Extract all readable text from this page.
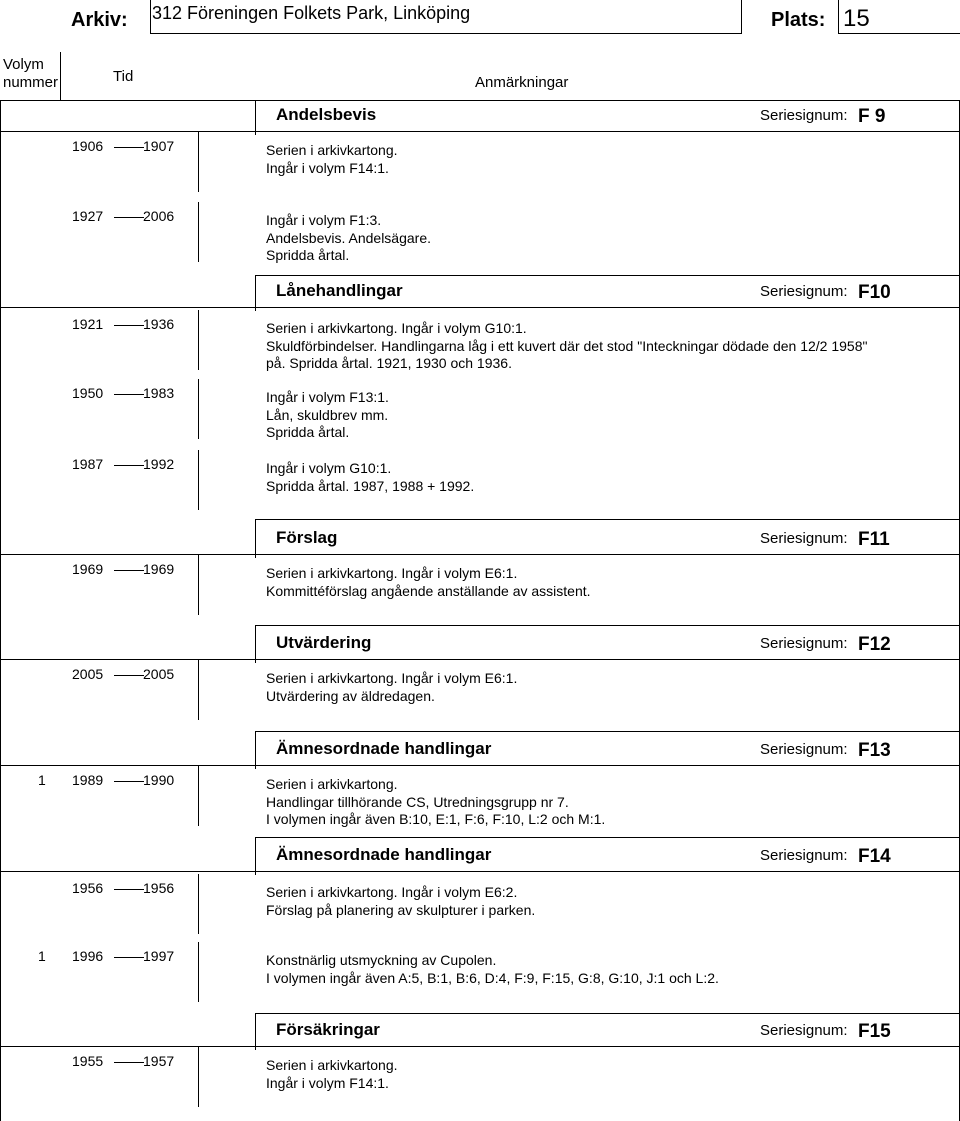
Arkiv: 312 Föreningen Folkets Park, Linköping	Plats: 15
Volym
nummer	Tid	Anmärkningar
Andelsbevis	Seriesignum: F 9
1906	1907	Serien i arkivkartong.
Ingår i volym F14:1.
1927	2006	Ingår i volym F1:3.
Andelsbevis. Andelsägare.
Spridda årtal.
Lånehandlingar	Seriesignum: F10
1921	1936	Serien i arkivkartong. Ingår i volym G10:1.
Skuldförbindelser. Handlingarna låg i ett kuvert där det stod "Inteckningar dödade den 12/2 1958"
på. Spridda årtal. 1921, 1930 och 1936.
1950	1983	Ingår i volym F13:1.
Lån, skuldbrev mm.
Spridda årtal.
1987	1992	Ingår i volym G10:1.
Spridda årtal. 1987, 1988 + 1992.
Förslag	Seriesignum: F11
1969	1969	Serien i arkivkartong. Ingår i volym E6:1.
Kommittéförslag angående anställande av assistent.
Utvärdering	Seriesignum: F12
2005	2005	Serien i arkivkartong. Ingår i volym E6:1.
Utvärdering av äldredagen.
Ämnesordnade handlingar	Seriesignum: F13
1 1989	1990	Serien i arkivkartong.
Handlingar tillhörande CS, Utredningsgrupp nr 7.
I volymen ingår även B:10, E:1, F:6, F:10, L:2 och M:1.
Ämnesordnade handlingar	Seriesignum: F14
1956	1956	Serien i arkivkartong. Ingår i volym E6:2.
Förslag på planering av skulpturer i parken.
1 1996	1997	Konstnärlig utsmyckning av Cupolen.
I volymen ingår även A:5, B:1, B:6, D:4, F:9, F:15, G:8, G:10, J:1 och L:2.
Försäkringar	Seriesignum: F15
1955	1957	Serien i arkivkartong.
Ingår i volym F14:1.
